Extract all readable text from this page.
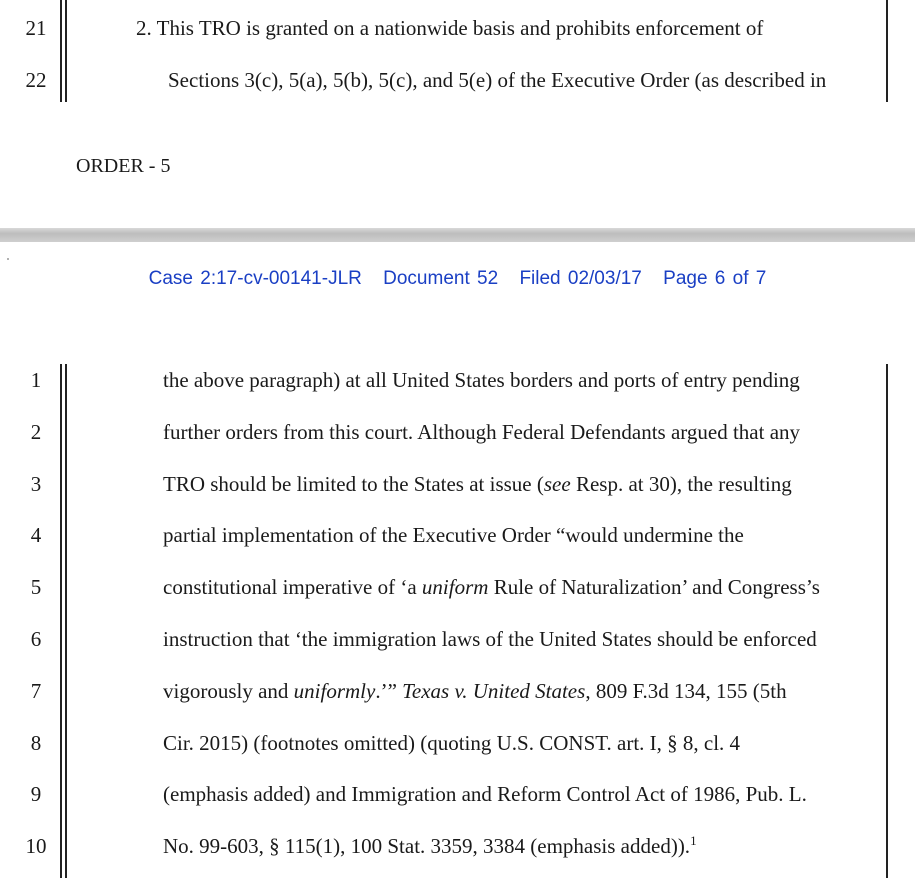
21	2. This TRO is granted on a nationwide basis and prohibits enforcement of
22	Sections 3(c), 5(a), 5(b), 5(c), and 5(e) of the Executive Order (as described in
ORDER - 5
Case 2:17-cv-00141-JLR Document 52 Filed 02/03/17 Page 6 of 7
1	the above paragraph) at all United States borders and ports of entry pending
2	further orders from this court. Although Federal Defendants argued that any
3	TRO should be limited to the States at issue (see Resp. at 30), the resulting
4	partial implementation of the Executive Order “would undermine the
5	constitutional imperative of ‘a uniform Rule of Naturalization’ and Congress’s
6	instruction that ‘the immigration laws of the United States should be enforced
7	vigorously and uniformly.’” Texas v. United States, 809 F.3d 134, 155 (5th
8	Cir. 2015) (footnotes omitted) (quoting U.S. CONST. art. I, § 8, cl. 4
9	(emphasis added) and Immigration and Reform Control Act of 1986, Pub. L.
10	No. 99-603, § 115(1), 100 Stat. 3359, 3384 (emphasis added)).$^1$
